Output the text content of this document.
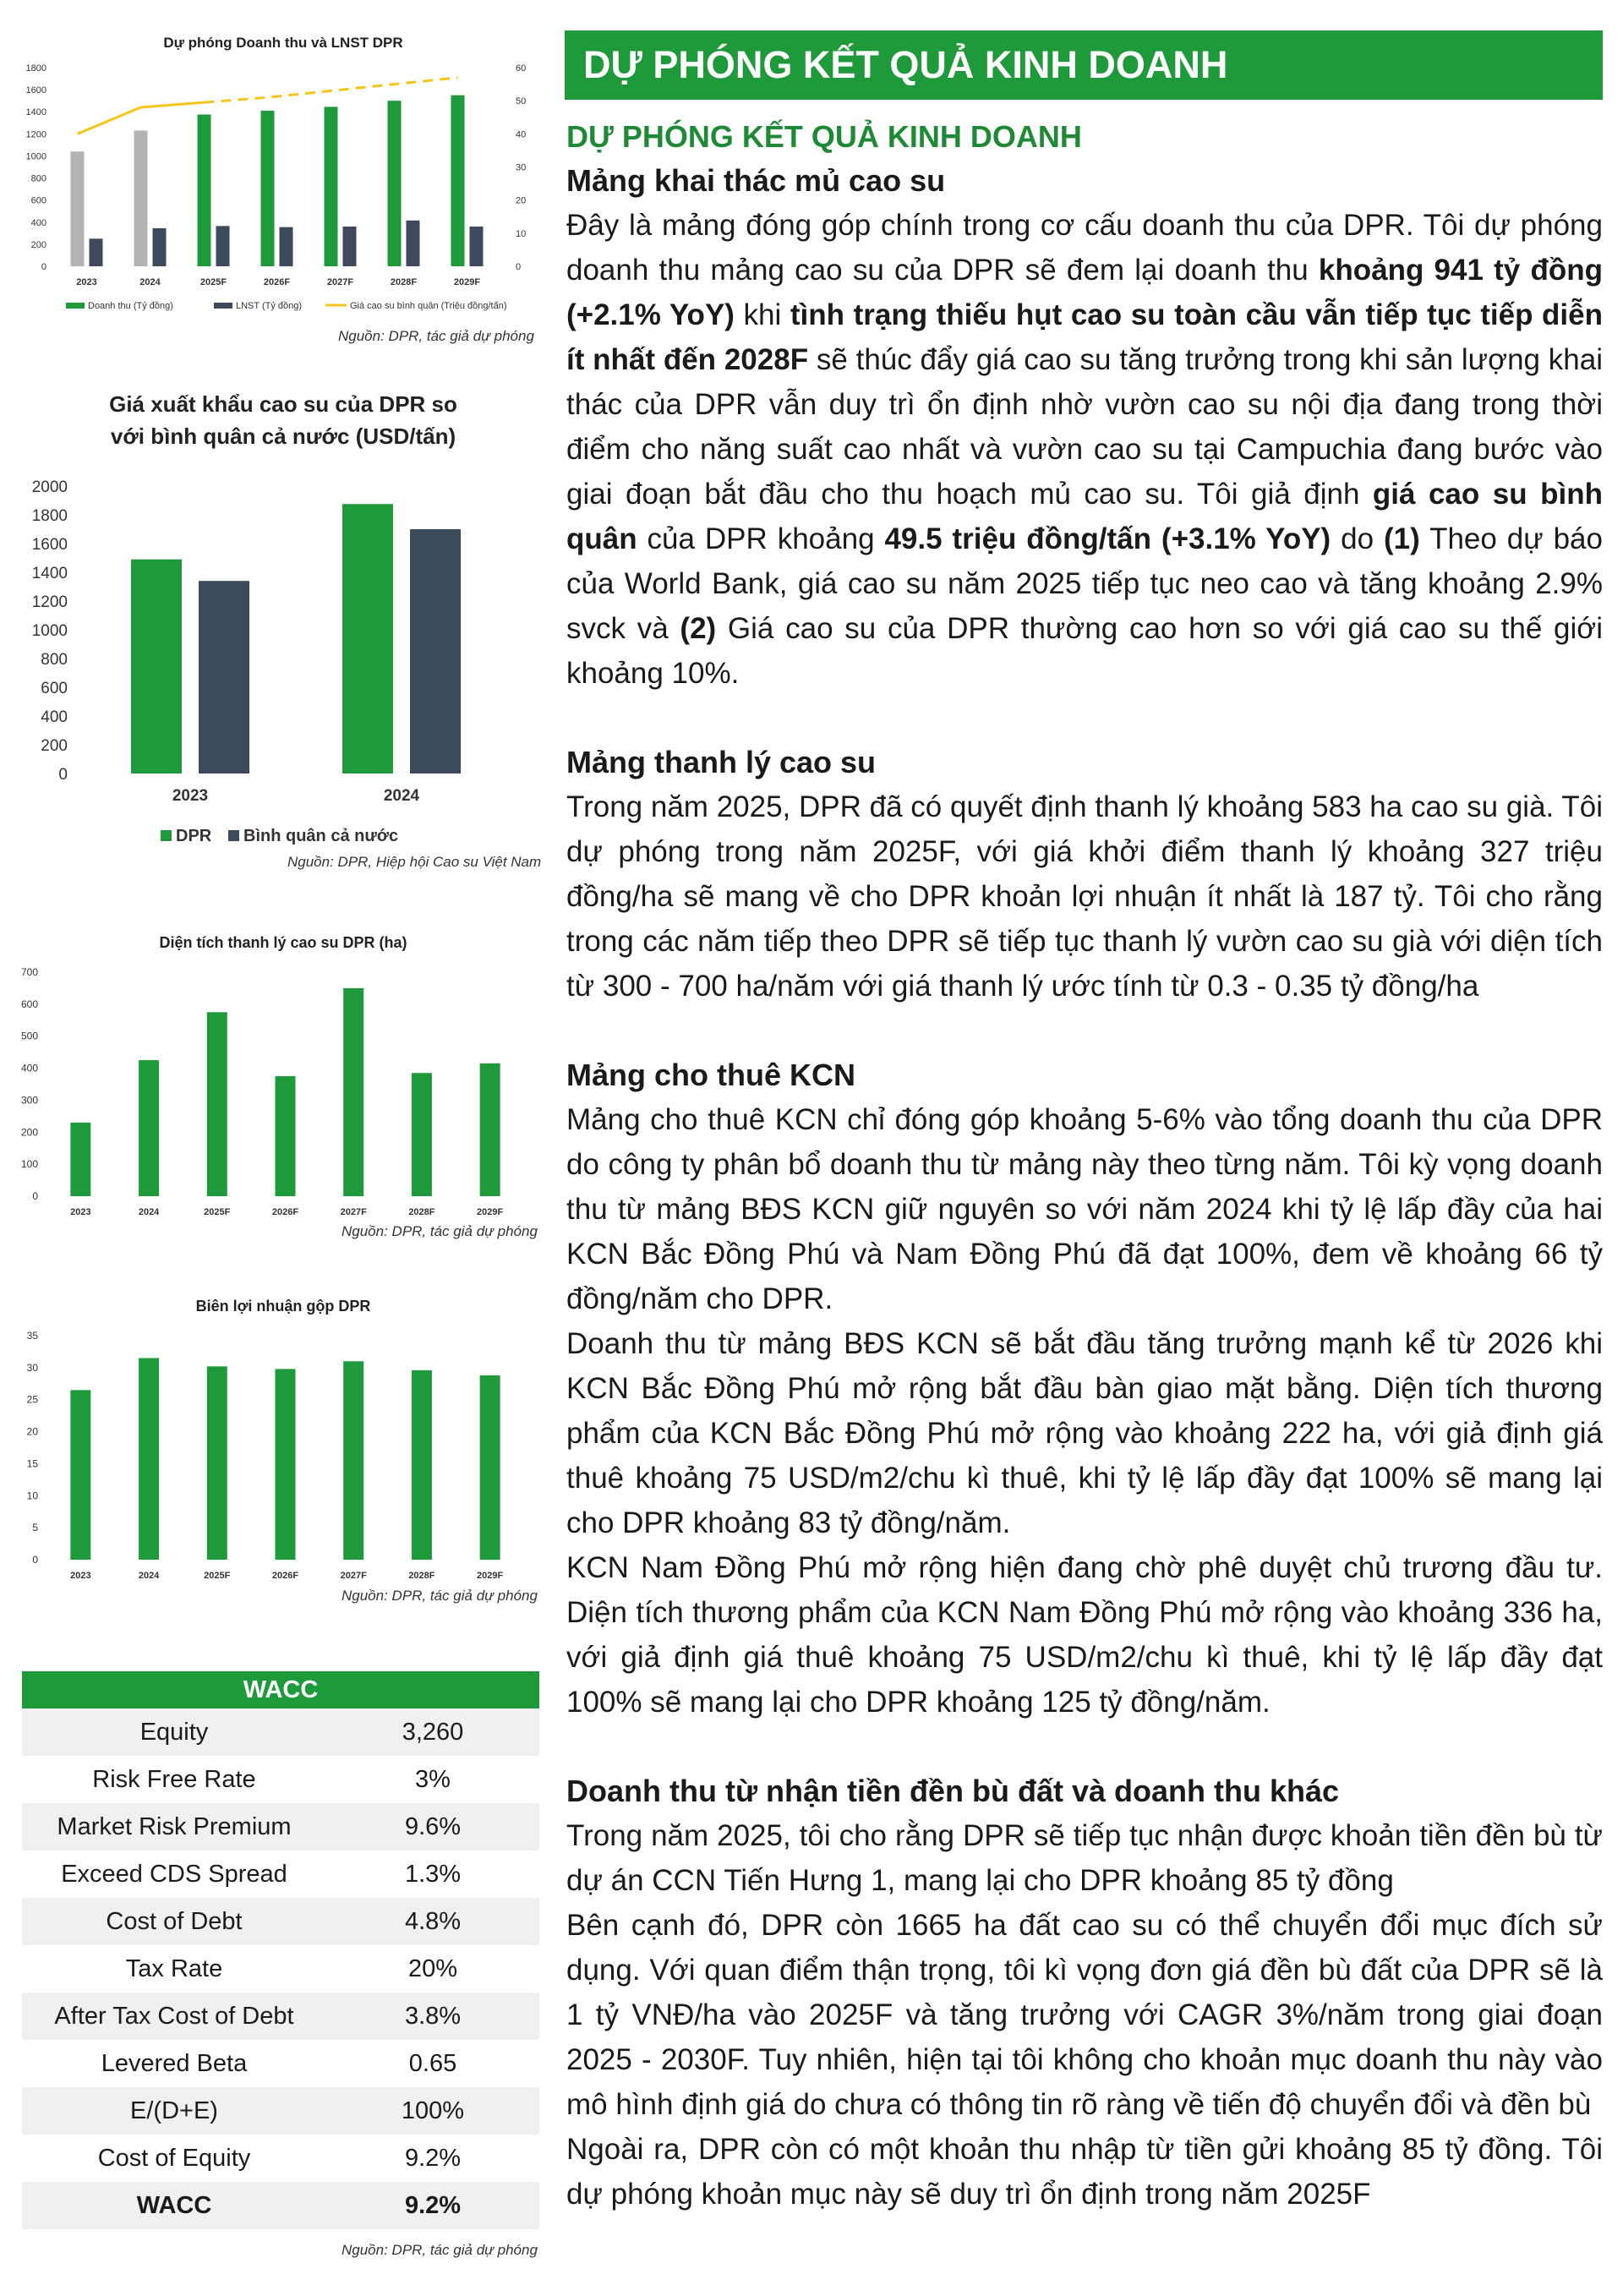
Dự phóng Doanh thu và LNST DPR
0
200
400
600
800
1000
1200
1400
1600
1800
0
10
20
30
40
50
60
2023	2024	2025F	2026F	2027F	2028F	2029F
Doanh thu (Tỷ đồng)	LNST (Tỷ đồng)	Giá cao su bình quân (Triệu đồng/tấn)
Nguồn: DPR, tác giả dự phóng
Giá xuất khẩu cao su của DPR so
với bình quân cả nước (USD/tấn)
0
200
400
600
800
1000
1200
1400
1600
1800
2000
2023	2024
DPR Bình quân cả nước
Nguồn: DPR, Hiệp hội Cao su Việt Nam
Diện tích thanh lý cao su DPR (ha)
0
100
200
300
400
500
600
700
2023	2024	2025F	2026F	2027F	2028F	2029F
Nguồn: DPR, tác giả dự phóng
Biên lợi nhuận gộp DPR
0
5
10
15
20
25
30
35
2023	2024	2025F	2026F	2027F	2028F	2029F
Nguồn: DPR, tác giả dự phóng
WACC
Equity	3,260
Risk Free Rate	3%
Market Risk Premium	9.6%
Exceed CDS Spread	1.3%
Cost of Debt	4.8%
Tax Rate	20%
After Tax Cost of Debt	3.8%
Levered Beta	0.65
E/(D+E)	100%
Cost of Equity	9.2%
WACC	9.2%
Nguồn: DPR, tác giả dự phóng
DỰ PHÓNG KẾT QUẢ KINH DOANH
DỰ PHÓNG KẾT QUẢ KINH DOANH
Mảng khai thác mủ cao su

Đây là mảng đóng góp chính trong cơ cấu doanh thu của DPR. Tôi dự phóng doanh thu mảng cao su của DPR sẽ đem lại doanh thu khoảng 941 tỷ đồng (+2.1% YoY) khi tình trạng thiếu hụt cao su toàn cầu vẫn tiếp tục tiếp diễn ít nhất đến 2028F sẽ thúc đẩy giá cao su tăng trưởng trong khi sản lượng khai thác của DPR vẫn duy trì ổn định nhờ vườn cao su nội địa đang trong thời điểm cho năng suất cao nhất và vườn cao su tại Campuchia đang bước vào giai đoạn bắt đầu cho thu hoạch mủ cao su. Tôi giả định giá cao su bình quân của DPR khoảng 49.5 triệu đồng/tấn (+3.1% YoY) do (1) Theo dự báo của World Bank, giá cao su năm 2025 tiếp tục neo cao và tăng khoảng 2.9% svck và (2) Giá cao su của DPR thường cao hơn so với giá cao su thế giới khoảng 10%.

Mảng thanh lý cao su

Trong năm 2025, DPR đã có quyết định thanh lý khoảng 583 ha cao su già. Tôi dự phóng trong năm 2025F, với giá khởi điểm thanh lý khoảng 327 triệu đồng/ha sẽ mang về cho DPR khoản lợi nhuận ít nhất là 187 tỷ. Tôi cho rằng trong các năm tiếp theo DPR sẽ tiếp tục thanh lý vườn cao su già với diện tích từ 300 - 700 ha/năm với giá thanh lý ước tính từ 0.3 - 0.35 tỷ đồng/ha

Mảng cho thuê KCN

Mảng cho thuê KCN chỉ đóng góp khoảng 5-6% vào tổng doanh thu của DPR do công ty phân bổ doanh thu từ mảng này theo từng năm. Tôi kỳ vọng doanh thu từ mảng BĐS KCN giữ nguyên so với năm 2024 khi tỷ lệ lấp đầy của hai KCN Bắc Đồng Phú và Nam Đồng Phú đã đạt 100%, đem về khoảng 66 tỷ đồng/năm cho DPR.

Doanh thu từ mảng BĐS KCN sẽ bắt đầu tăng trưởng mạnh kể từ 2026 khi KCN Bắc Đồng Phú mở rộng bắt đầu bàn giao mặt bằng. Diện tích thương phẩm của KCN Bắc Đồng Phú mở rộng vào khoảng 222 ha, với giả định giá thuê khoảng 75 USD/m2/chu kì thuê, khi tỷ lệ lấp đầy đạt 100% sẽ mang lại cho DPR khoảng 83 tỷ đồng/năm.

KCN Nam Đồng Phú mở rộng hiện đang chờ phê duyệt chủ trương đầu tư. Diện tích thương phẩm của KCN Nam Đồng Phú mở rộng vào khoảng 336 ha, với giả định giá thuê khoảng 75 USD/m2/chu kì thuê, khi tỷ lệ lấp đầy đạt 100% sẽ mang lại cho DPR khoảng 125 tỷ đồng/năm.

Doanh thu từ nhận tiền đền bù đất và doanh thu khác

Trong năm 2025, tôi cho rằng DPR sẽ tiếp tục nhận được khoản tiền đền bù từ dự án CCN Tiến Hưng 1, mang lại cho DPR khoảng 85 tỷ đồng

Bên cạnh đó, DPR còn 1665 ha đất cao su có thể chuyển đổi mục đích sử dụng. Với quan điểm thận trọng, tôi kì vọng đơn giá đền bù đất của DPR sẽ là 1 tỷ VNĐ/ha vào 2025F và tăng trưởng với CAGR 3%/năm trong giai đoạn 2025 - 2030F. Tuy nhiên, hiện tại tôi không cho khoản mục doanh thu này vào mô hình định giá do chưa có thông tin rõ ràng về tiến độ chuyển đổi và đền bù

Ngoài ra, DPR còn có một khoản thu nhập từ tiền gửi khoảng 85 tỷ đồng. Tôi dự phóng khoản mục này sẽ duy trì ổn định trong năm 2025F
